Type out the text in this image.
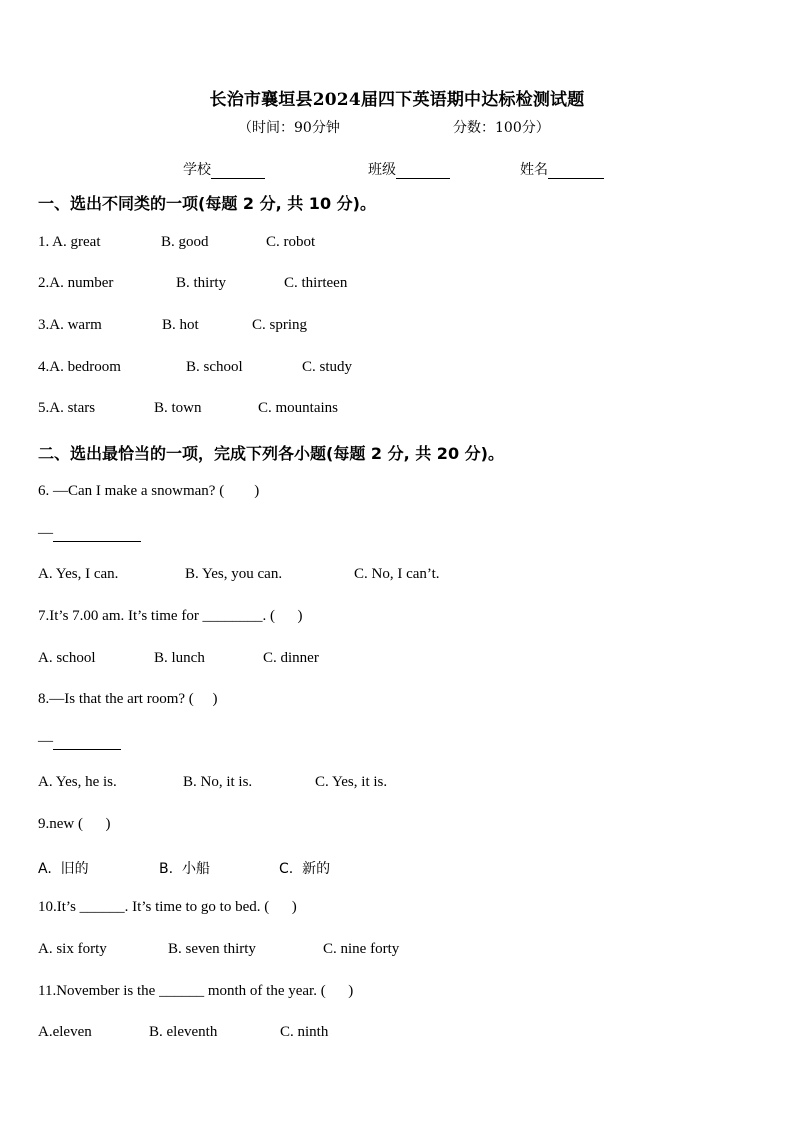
长治市襄垣县2024届四下英语期中达标检测试题
（时间：90分钟	分数：100分）
学校	班级	姓名
一、选出不同类的一项(每题 2 分, 共 10 分)。
1. A. great	B. good	C. robot
2.A. number	B. thirty	C. thirteen
3.A. warm	B. hot	C. spring
4.A. bedroom	B. school	C. study
5.A. stars	B. town	C. mountains
二、选出最恰当的一项，完成下列各小题(每题 2 分, 共 20 分)。
6. —Can I make a snowman? (        )
—
A. Yes, I can.	B. Yes, you can.	C. No, I can’t.
7.It’s 7.00 am. It’s time for ________. (      )
A. school	B. lunch	C. dinner
8.—Is that the art room? (     )
—
A. Yes, he is.	B. No, it is.	C. Yes, it is.
9.new (      )
A.  旧的	B.  小船	C.  新的
10.It’s ______. It’s time to go to bed. (      )
A. six forty	B. seven thirty	C. nine forty
11.November is the ______ month of the year. (      )
A.eleven	B. eleventh	C. ninth
